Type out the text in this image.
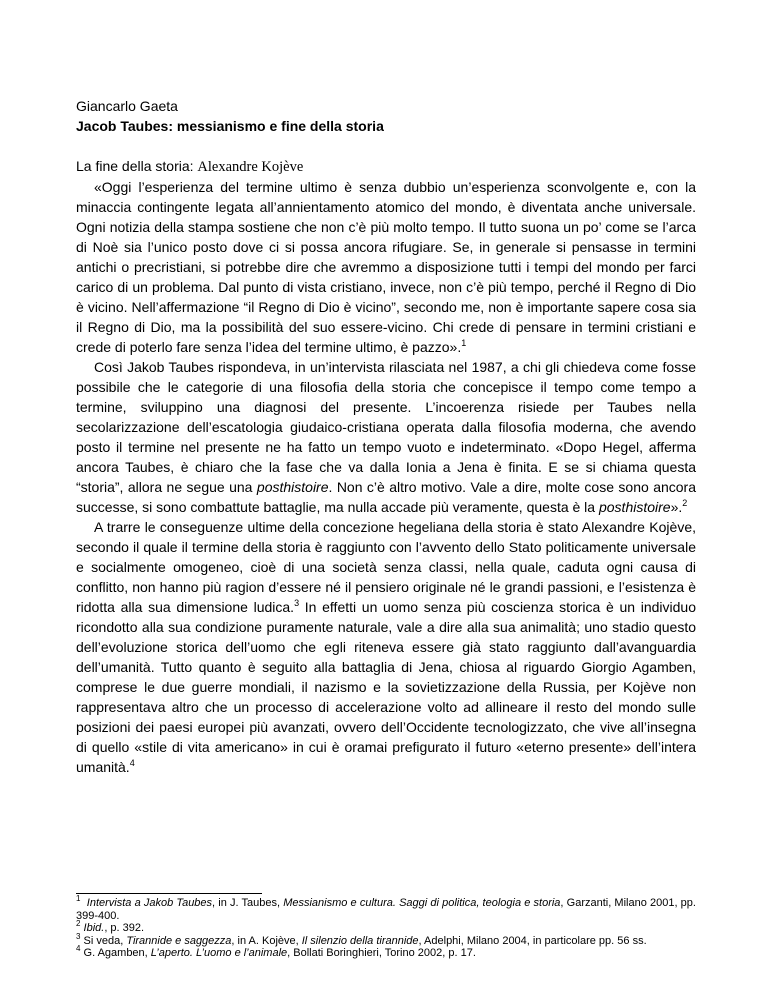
Giancarlo Gaeta

Jacob Taubes: messianismo e fine della storia

La fine della storia: Alexandre Kojève

«Oggi l’esperienza del termine ultimo è senza dubbio un’esperienza sconvolgente e, con la minaccia contingente legata all’annientamento atomico del mondo, è diventata anche universale. Ogni notizia della stampa sostiene che non c’è più molto tempo. Il tutto suona un po’ come se l’arca di Noè sia l’unico posto dove ci si possa ancora rifugiare. Se, in generale si pensasse in termini antichi o precristiani, si potrebbe dire che avremmo a disposizione tutti i tempi del mondo per farci carico di un problema. Dal punto di vista cristiano, invece, non c’è più tempo, perché il Regno di Dio è vicino. Nell’affermazione “il Regno di Dio è vicino”, secondo me, non è importante sapere cosa sia il Regno di Dio, ma la possibilità del suo essere-vicino. Chi crede di pensare in termini cristiani e crede di poterlo fare senza l’idea del termine ultimo, è pazzo».$^1$

Così Jakob Taubes rispondeva, in un’intervista rilasciata nel 1987, a chi gli chiedeva come fosse possibile che le categorie di una filosofia della storia che concepisce il tempo come tempo a termine, sviluppino una diagnosi del presente. L’incoerenza risiede per Taubes nella secolarizzazione dell’escatologia giudaico-cristiana operata dalla filosofia moderna, che avendo posto il termine nel presente ne ha fatto un tempo vuoto e indeterminato. «Dopo Hegel, afferma ancora Taubes, è chiaro che la fase che va dalla Ionia a Jena è finita. E se si chiama questa “storia”, allora ne segue una posthistoire. Non c’è altro motivo. Vale a dire, molte cose sono ancora successe, si sono combattute battaglie, ma nulla accade più veramente, questa è la posthistoire».$^2$

A trarre le conseguenze ultime della concezione hegeliana della storia è stato Alexandre Kojève, secondo il quale il termine della storia è raggiunto con l’avvento dello Stato politicamente universale e socialmente omogeneo, cioè di una società senza classi, nella quale, caduta ogni causa di conflitto, non hanno più ragion d’essere né il pensiero originale né le grandi passioni, e l’esistenza è ridotta alla sua dimensione ludica.$^3$ In effetti un uomo senza più coscienza storica è un individuo ricondotto alla sua condizione puramente naturale, vale a dire alla sua animalità; uno stadio questo dell’evoluzione storica dell’uomo che egli riteneva essere già stato raggiunto dall’avanguardia dell’umanità. Tutto quanto è seguito alla battaglia di Jena, chiosa al riguardo Giorgio Agamben, comprese le due guerre mondiali, il nazismo e la sovietizzazione della Russia, per Kojève non rappresentava altro che un processo di accelerazione volto ad allineare il resto del mondo sulle posizioni dei paesi europei più avanzati, ovvero dell’Occidente tecnologizzato, che vive all’insegna di quello «stile di vita americano» in cui è oramai prefigurato il futuro «eterno presente» dell’intera umanità.$^4$

$^1$ Intervista a Jakob Taubes, in J. Taubes, Messianismo e cultura. Saggi di politica, teologia e storia, Garzanti, Milano 2001, pp. 399-400.

$^2$ Ibid., p. 392.

$^3$ Si veda, Tirannide e saggezza, in A. Kojève, Il silenzio della tirannide, Adelphi, Milano 2004, in particolare pp. 56 ss.

$^4$ G. Agamben, L’aperto. L’uomo e l’animale, Bollati Boringhieri, Torino 2002, p. 17.
